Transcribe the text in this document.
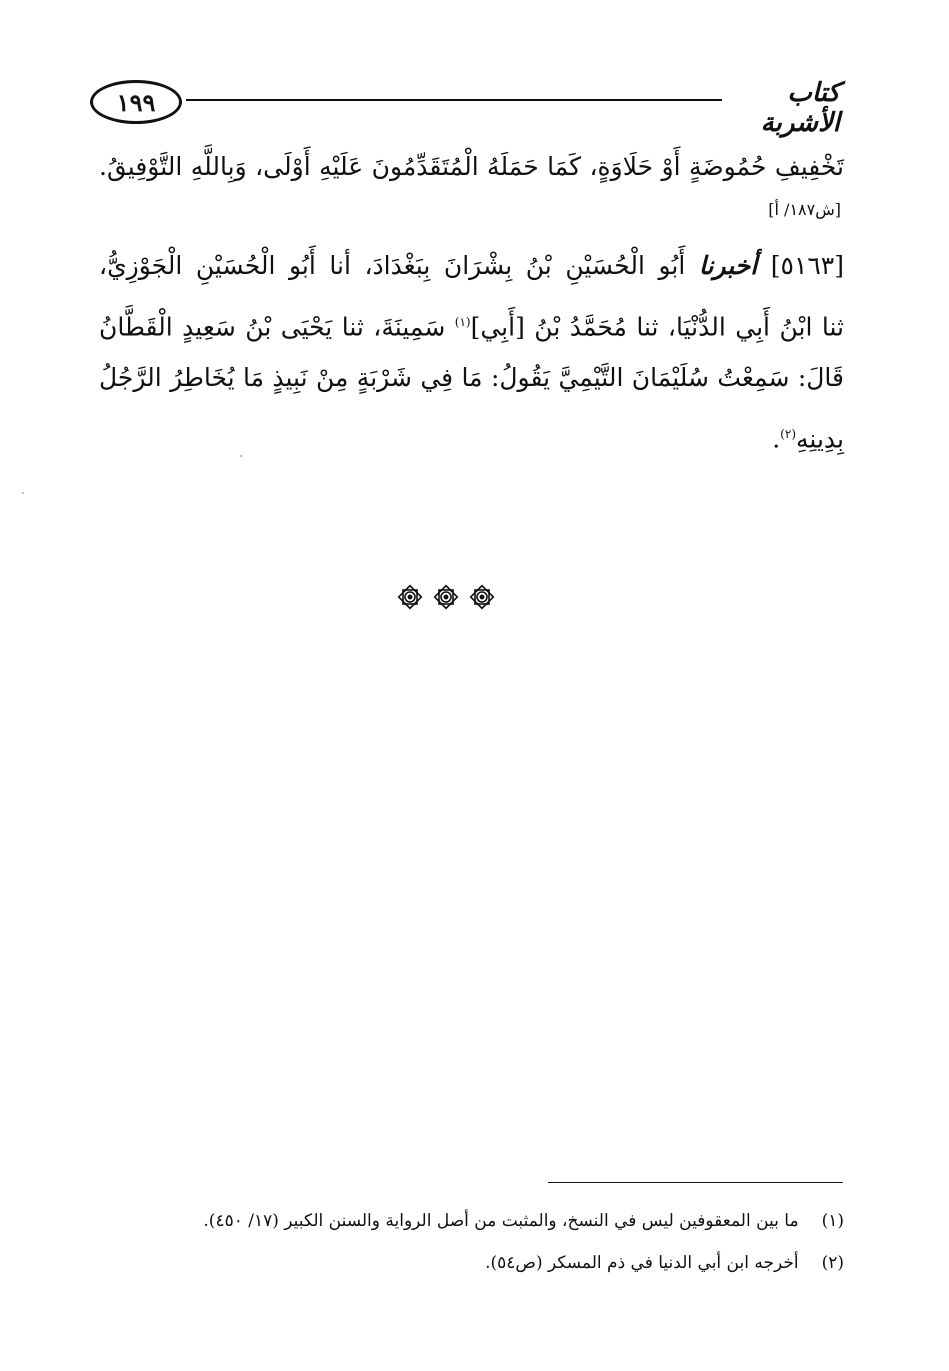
١٩٩	كتاب الأشربة
تَخْفِيفِ حُمُوضَةٍ أَوْ حَلَاوَةٍ، كَمَا حَمَلَهُ الْمُتَقَدِّمُونَ عَلَيْهِ أَوْلَى، وَبِاللَّهِ التَّوْفِيقُ.
[ش١٨٧/ أ]
[٥١٦٣] أخبرنا أَبُو الْحُسَيْنِ بْنُ بِشْرَانَ بِبَغْدَادَ، أنا أَبُو الْحُسَيْنِ الْجَوْزِيُّ،
ثنا ابْنُ أَبِي الدُّنْيَا، ثنا مُحَمَّدُ بْنُ [أَبِي]$^{(١)}$ سَمِينَةَ، ثنا يَحْيَى بْنُ سَعِيدٍ الْقَطَّانُ
قَالَ: سَمِعْتُ سُلَيْمَانَ التَّيْمِيَّ يَقُولُ: مَا فِي شَرْبَةٍ مِنْ نَبِيذٍ مَا يُخَاطِرُ الرَّجُلُ
بِدِينِهِ$^{(٢)}$.
(١) ما بين المعقوفين ليس في النسخ، والمثبت من أصل الرواية والسنن الكبير (١٧/ ٤٥٠).
(٢) أخرجه ابن أبي الدنيا في ذم المسكر (ص٥٤).
